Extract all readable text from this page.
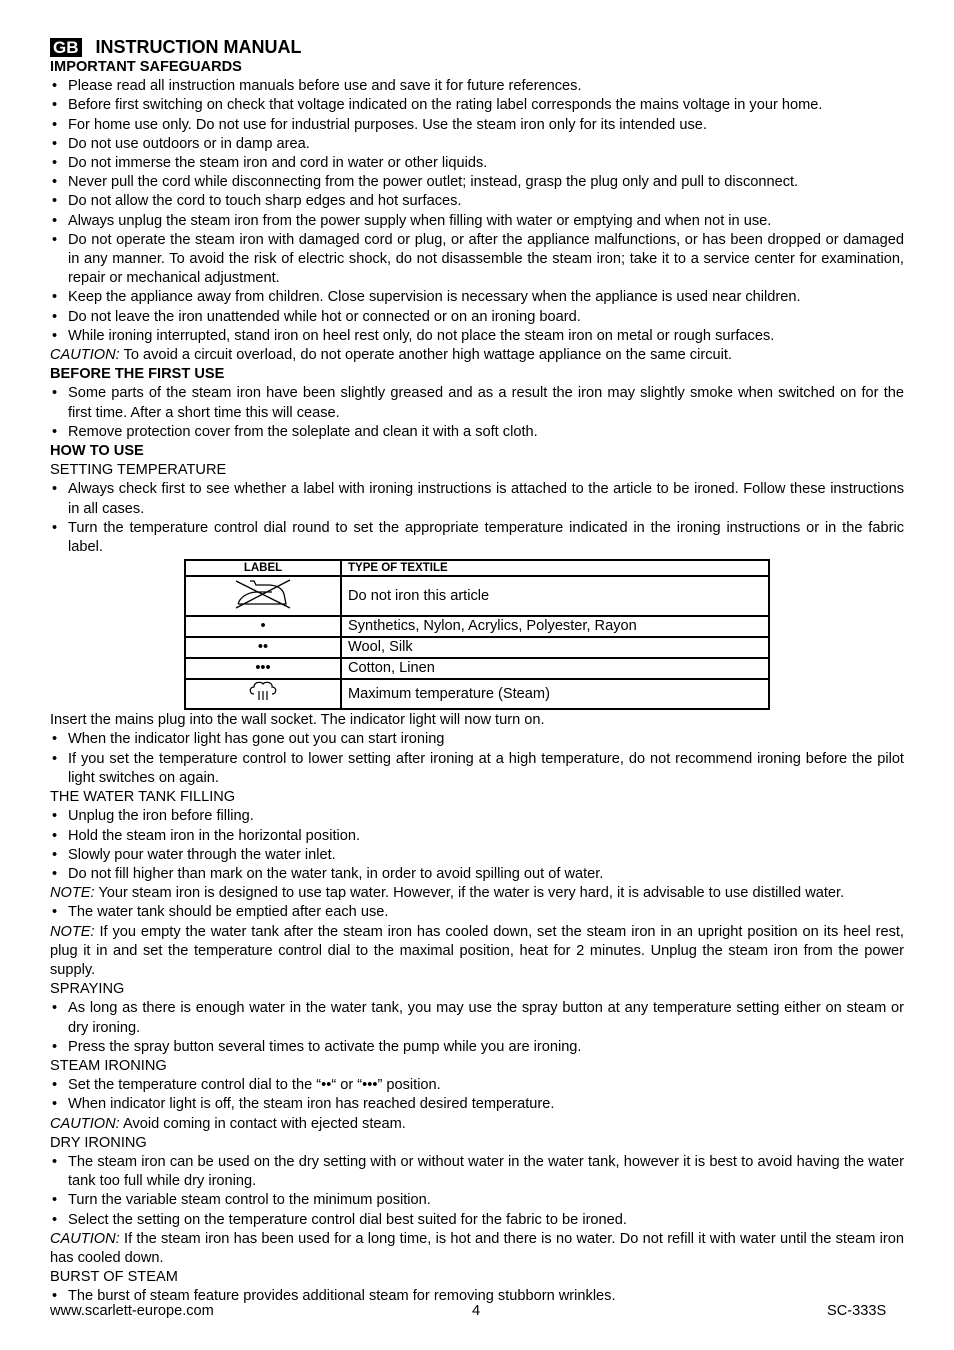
GB INSTRUCTION MANUAL
IMPORTANT SAFEGUARDS
• Please read all instruction manuals before use and save it for future references.
• Before first switching on check that voltage indicated on the rating label corresponds the mains voltage in your home.
• For home use only. Do not use for industrial purposes. Use the steam iron only for its intended use.
• Do not use outdoors or in damp area.
• Do not immerse the steam iron and cord in water or other liquids.
• Never pull the cord while disconnecting from the power outlet; instead, grasp the plug only and pull to disconnect.
• Do not allow the cord to touch sharp edges and hot surfaces.
• Always unplug the steam iron from the power supply when filling with water or emptying and when not in use.
• Do not operate the steam iron with damaged cord or plug, or after the appliance malfunctions, or has been dropped or damaged in any manner. To avoid the risk of electric shock, do not disassemble the steam iron; take it to a service center for examination, repair or mechanical adjustment.
• Keep the appliance away from children. Close supervision is necessary when the appliance is used near children.
• Do not leave the iron unattended while hot or connected or on an ironing board.
• While ironing interrupted, stand iron on heel rest only, do not place the steam iron on metal or rough surfaces.

CAUTION: To avoid a circuit overload, do not operate another high wattage appliance on the same circuit.

BEFORE THE FIRST USE
• Some parts of the steam iron have been slightly greased and as a result the iron may slightly smoke when switched on for the first time. After a short time this will cease.
• Remove protection cover from the soleplate and clean it with a soft cloth.
HOW TO USE
SETTING TEMPERATURE
• Always check first to see whether a label with ironing instructions is attached to the article to be ironed. Follow these instructions in all cases.
• Turn the temperature control dial round to set the appropriate temperature indicated in the ironing instructions or in the fabric label.
LABEL	TYPE OF TEXTILE
	Do not iron this article
•	Synthetics, Nylon, Acrylics, Polyester, Rayon
••	Wool, Silk
•••	Cotton, Linen
	Maximum temperature (Steam)

Insert the mains plug into the wall socket. The indicator light will now turn on.

• When the indicator light has gone out you can start ironing
• If you set the temperature control to lower setting after ironing at a high temperature, do not recommend ironing before the pilot light switches on again.
THE WATER TANK FILLING
• Unplug the iron before filling.
• Hold the steam iron in the horizontal position.
• Slowly pour water through the water inlet.
• Do not fill higher than mark on the water tank, in order to avoid spilling out of water.

NOTE: Your steam iron is designed to use tap water. However, if the water is very hard, it is advisable to use distilled water.

• The water tank should be emptied after each use.

NOTE: If you empty the water tank after the steam iron has cooled down, set the steam iron in an upright position on its heel rest, plug it in and set the temperature control dial to the maximal position, heat for 2 minutes. Unplug the steam iron from the power supply.

SPRAYING
• As long as there is enough water in the water tank, you may use the spray button at any temperature setting either on steam or dry ironing.
• Press the spray button several times to activate the pump while you are ironing.
STEAM IRONING
• Set the temperature control dial to the “••“ or “•••” position.
• When indicator light is off, the steam iron has reached desired temperature.

CAUTION: Avoid coming in contact with ejected steam.

DRY IRONING
• The steam iron can be used on the dry setting with or without water in the water tank, however it is best to avoid having the water tank too full while dry ironing.
• Turn the variable steam control to the minimum position.
• Select the setting on the temperature control dial best suited for the fabric to be ironed.

CAUTION: If the steam iron has been used for a long time, is hot and there is no water. Do not refill it with water until the steam iron has cooled down.

BURST OF STEAM
• The burst of steam feature provides additional steam for removing stubborn wrinkles.
www.scarlett-europe.com	4	SC-333S
